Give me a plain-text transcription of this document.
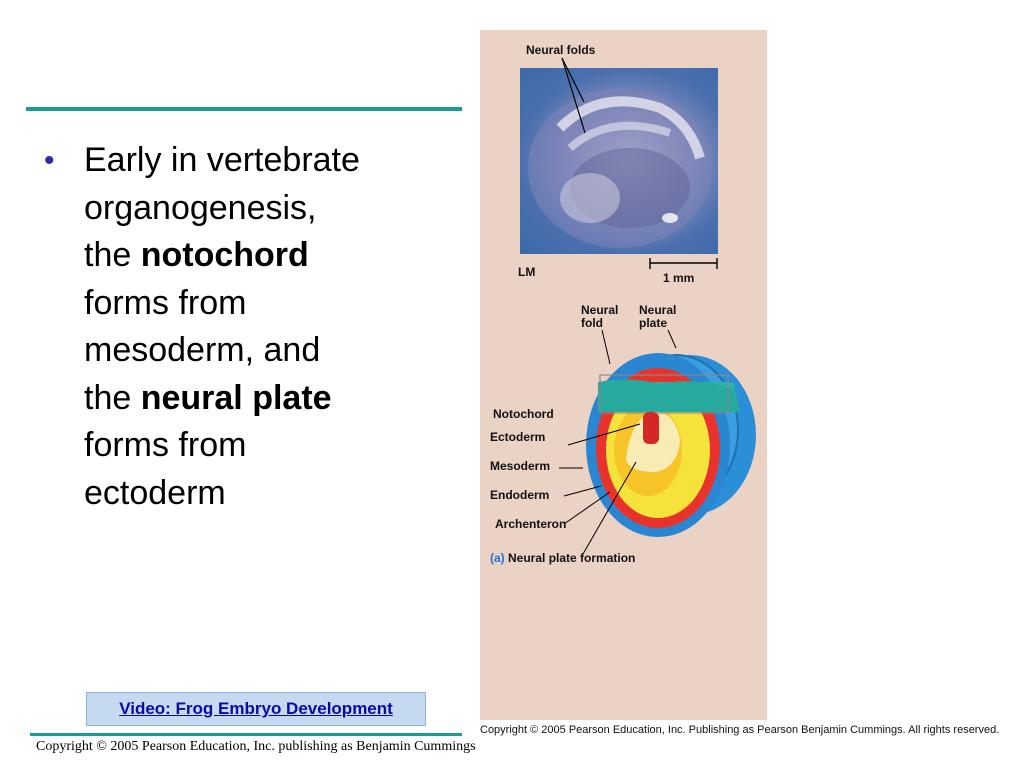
• Early in vertebrate
organogenesis,
the notochord
forms from
mesoderm, and
the neural plate
forms from
ectoderm
Video: Frog Embryo Development
Copyright © 2005 Pearson Education, Inc. publishing as Benjamin Cummings
Neural folds
LM	1 mm
Neural fold
Neural plate
Notochord
Ectoderm
Mesoderm
Endoderm
Archenteron
(a) Neural plate formation
Copyright © 2005 Pearson Education, Inc. Publishing as Pearson Benjamin Cummings. All rights reserved.
